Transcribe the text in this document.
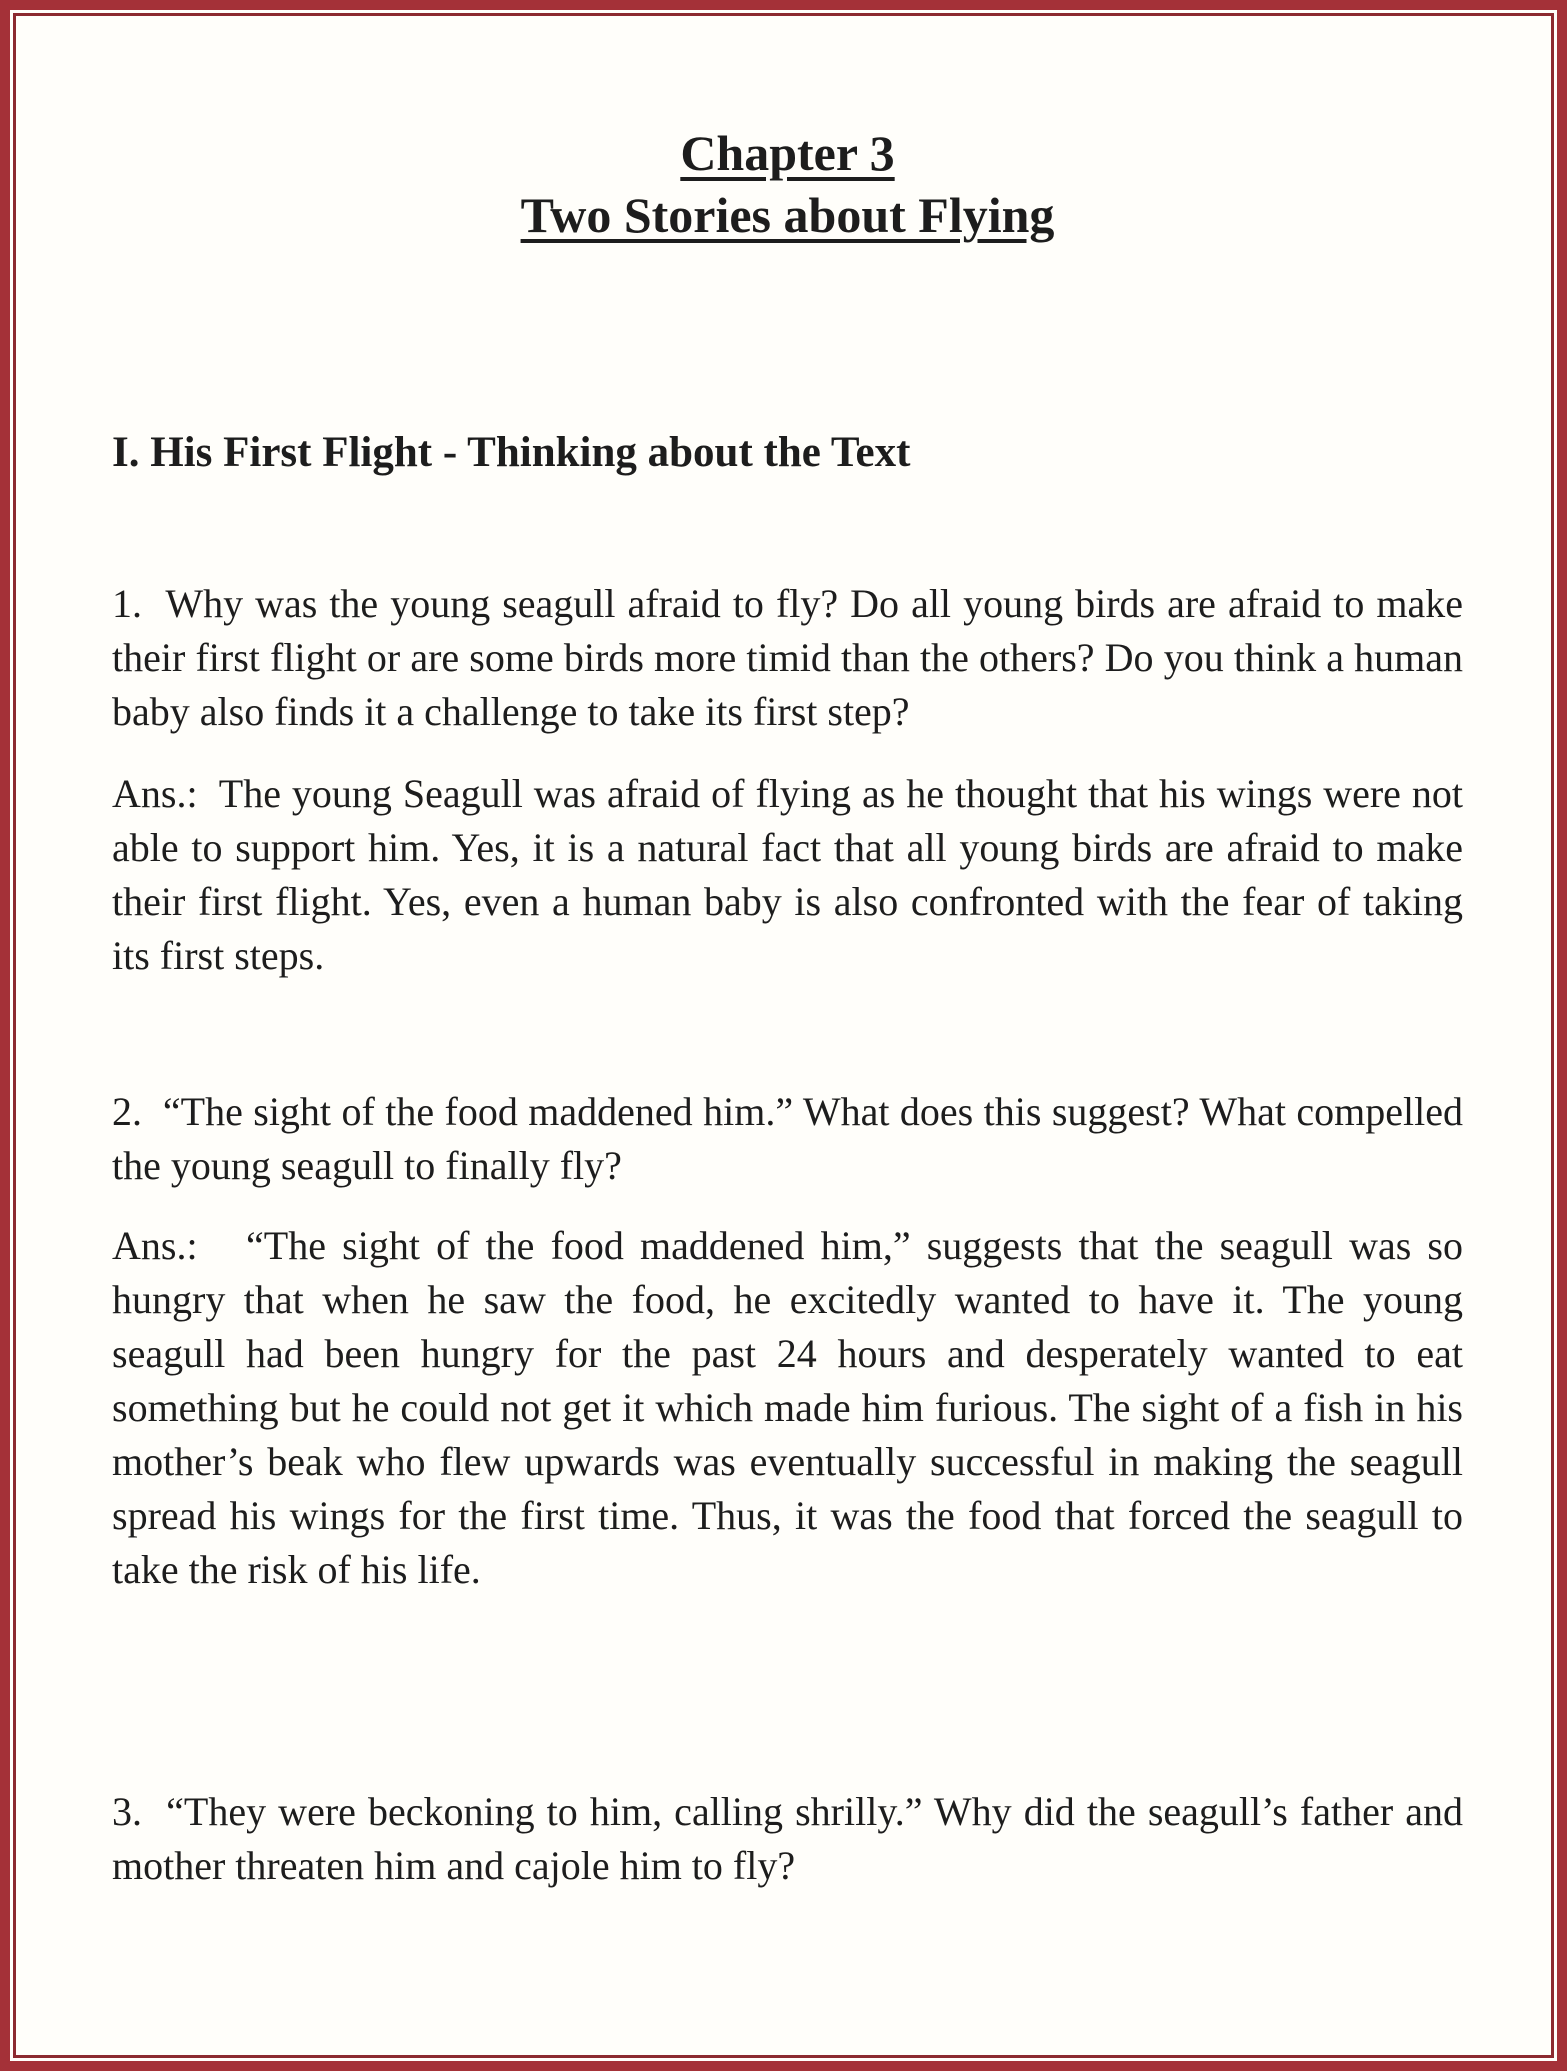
Chapter 3
Two Stories about Flying
I. His First Flight - Thinking about the Text

1.  Why was the young seagull afraid to fly? Do all young birds are afraid to make their first flight or are some birds more timid than the others? Do you think a human baby also finds it a challenge to take its first step?

Ans.:  The young Seagull was afraid of flying as he thought that his wings were not able to support him. Yes, it is a natural fact that all young birds are afraid to make their first flight. Yes, even a human baby is also confronted with the fear of taking its first steps.

2.  “The sight of the food maddened him.” What does this suggest? What compelled the young seagull to finally fly?

Ans.:   “The sight of the food maddened him,” suggests that the seagull was so hungry that when he saw the food, he excitedly wanted to have it. The young seagull had been hungry for the past 24 hours and desperately wanted to eat something but he could not get it which made him furious. The sight of a fish in his mother’s beak who flew upwards was eventually successful in making the seagull spread his wings for the first time. Thus, it was the food that forced the seagull to take the risk of his life.

3.  “They were beckoning to him, calling shrilly.” Why did the seagull’s father and mother threaten him and cajole him to fly?
